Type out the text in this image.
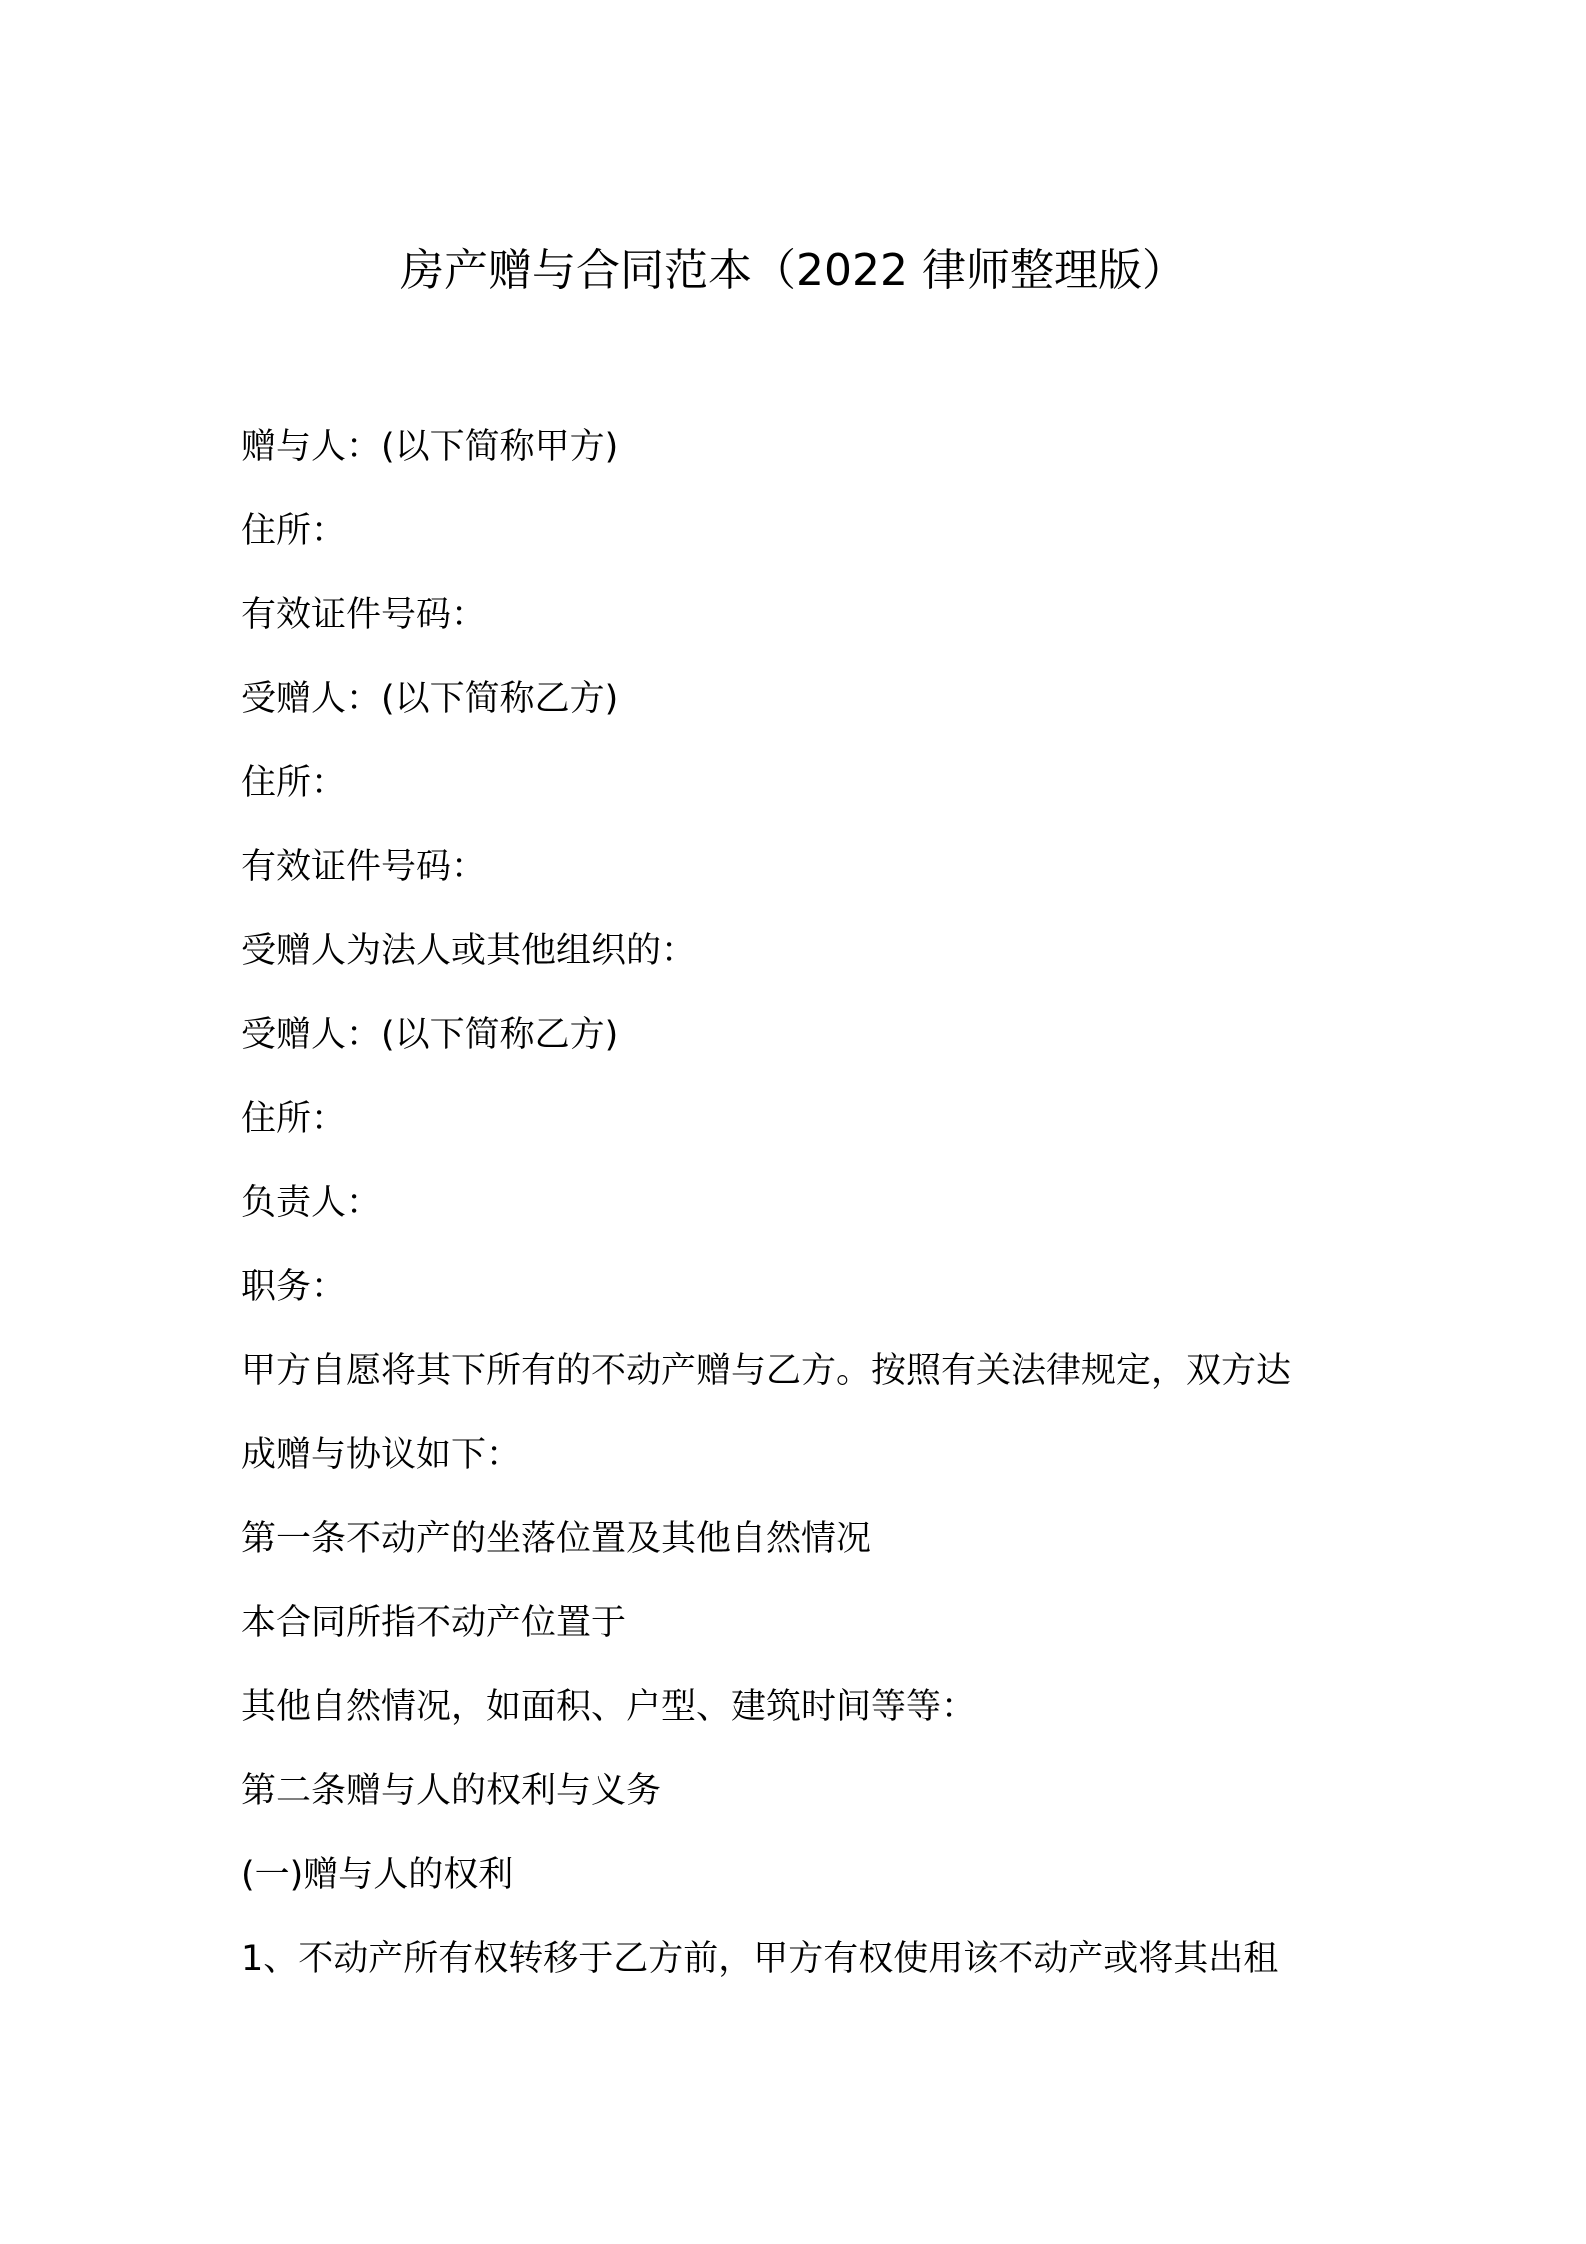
房产赠与合同范本（2022 律师整理版）
赠与人：(以下简称甲方)
住所：
有效证件号码：
受赠人：(以下简称乙方)
住所：
有效证件号码：
受赠人为法人或其他组织的：
受赠人：(以下简称乙方)
住所：
负责人：
职务：
甲方自愿将其下所有的不动产赠与乙方。按照有关法律规定，双方达
成赠与协议如下：
第一条不动产的坐落位置及其他自然情况
本合同所指不动产位置于
其他自然情况，如面积、户型、建筑时间等等：
第二条赠与人的权利与义务
(一)赠与人的权利
1、不动产所有权转移于乙方前，甲方有权使用该不动产或将其出租
